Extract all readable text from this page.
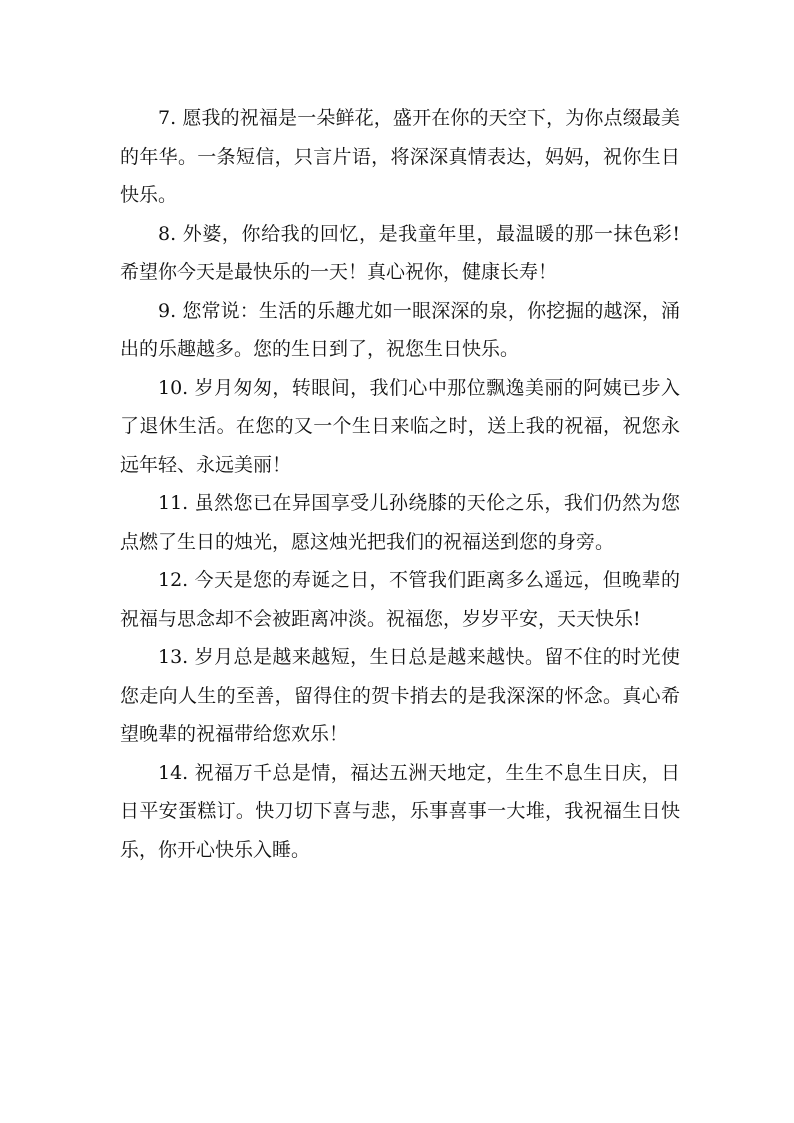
7. 愿我的祝福是一朵鲜花，盛开在你的天空下，为你点缀最美的年华。一条短信，只言片语，将深深真情表达，妈妈，祝你生日快乐。

8. 外婆，你给我的回忆，是我童年里，最温暖的那一抹色彩!希望你今天是最快乐的一天！真心祝你，健康长寿！

9. 您常说：生活的乐趣尤如一眼深深的泉，你挖掘的越深，涌出的乐趣越多。您的生日到了，祝您生日快乐。

10. 岁月匆匆，转眼间，我们心中那位飘逸美丽的阿姨已步入了退休生活。在您的又一个生日来临之时，送上我的祝福，祝您永远年轻、永远美丽！

11. 虽然您已在异国享受儿孙绕膝的天伦之乐，我们仍然为您点燃了生日的烛光，愿这烛光把我们的祝福送到您的身旁。

12. 今天是您的寿诞之日，不管我们距离多么遥远，但晚辈的祝福与思念却不会被距离冲淡。祝福您，岁岁平安，天天快乐!

13. 岁月总是越来越短，生日总是越来越快。留不住的时光使您走向人生的至善，留得住的贺卡捎去的是我深深的怀念。真心希望晚辈的祝福带给您欢乐！

14. 祝福万千总是情，福达五洲天地定，生生不息生日庆，日日平安蛋糕订。快刀切下喜与悲，乐事喜事一大堆，我祝福生日快乐，你开心快乐入睡。
